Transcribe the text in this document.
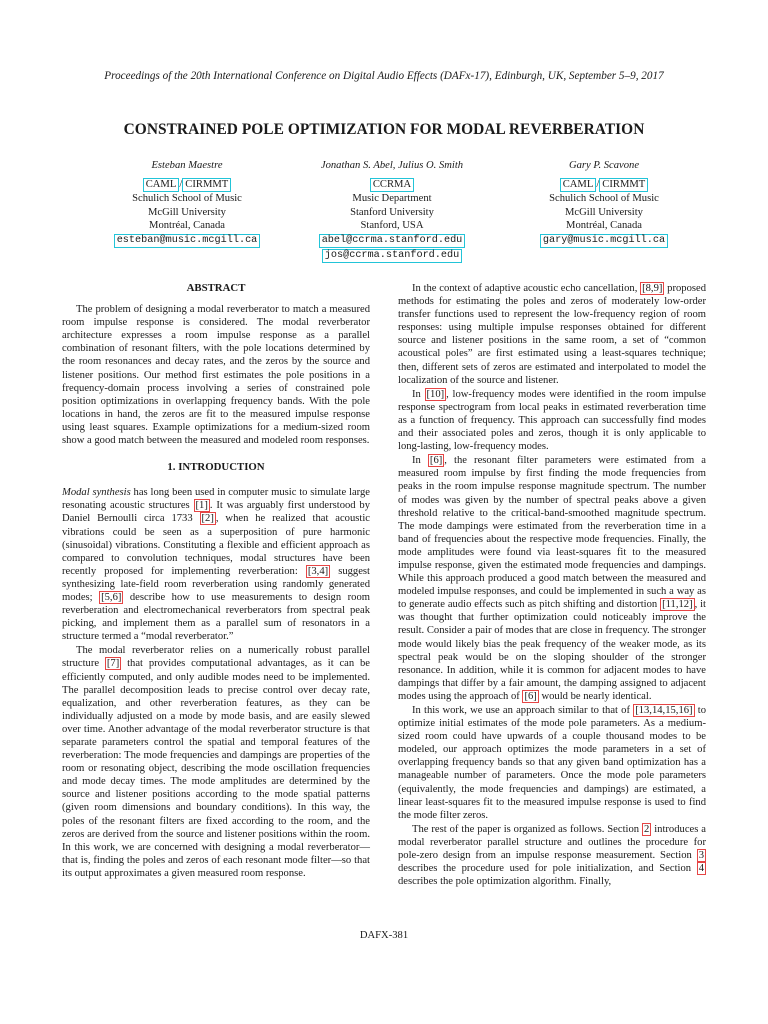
Proceedings of the 20th International Conference on Digital Audio Effects (DAFx-17), Edinburgh, UK, September 5–9, 2017
CONSTRAINED POLE OPTIMIZATION FOR MODAL REVERBERATION
Esteban Maestre
CAML / CIRMMT
Schulich School of Music
McGill University
Montréal, Canada
esteban@music.mcgill.ca
Jonathan S. Abel, Julius O. Smith
CCRMA
Music Department
Stanford University
Stanford, USA
abel@ccrma.stanford.edu
jos@ccrma.stanford.edu
Gary P. Scavone
CAML / CIRMMT
Schulich School of Music
McGill University
Montréal, Canada
gary@music.mcgill.ca
ABSTRACT

The problem of designing a modal reverberator to match a measured room impulse response is considered. The modal reverberator architecture expresses a room impulse response as a parallel combination of resonant filters, with the pole locations determined by the room resonances and decay rates, and the zeros by the source and listener positions. Our method first estimates the pole positions in a frequency-domain process involving a series of constrained pole position optimizations in overlapping frequency bands. With the pole locations in hand, the zeros are fit to the measured impulse response using least squares. Example optimizations for a medium-sized room show a good match between the measured and modeled room responses.

1. INTRODUCTION

Modal synthesis has long been used in computer music to simulate large resonating acoustic structures [1] . It was arguably first understood by Daniel Bernoulli circa 1733 [2] , when he realized that acoustic vibrations could be seen as a superposition of pure harmonic (sinusoidal) vibrations. Constituting a flexible and efficient approach as compared to convolution techniques, modal structures have been recently proposed for implementing reverberation: [3,4] suggest synthesizing late-field room reverberation using randomly generated modes; [5,6] describe how to use measurements to design room reverberation and electromechanical reverberators from spectral peak picking, and implement them as a parallel sum of resonators in a structure termed a “modal reverberator.”

The modal reverberator relies on a numerically robust parallel structure [7] that provides computational advantages, as it can be efficiently computed, and only audible modes need to be implemented. The parallel decomposition leads to precise control over decay rate, equalization, and other reverberation features, as they can be individually adjusted on a mode by mode basis, and are easily slewed over time. Another advantage of the modal reverberator structure is that separate parameters control the spatial and temporal features of the reverberation: The mode frequencies and dampings are properties of the room or resonating object, describing the mode oscillation frequencies and mode decay times. The mode amplitudes are determined by the source and listener positions according to the mode spatial patterns (given room dimensions and boundary conditions). In this way, the poles of the resonant filters are fixed according to the room, and the zeros are derived from the source and listener positions within the room. In this work, we are concerned with designing a modal reverberator—that is, finding the poles and zeros of each resonant mode filter—so that its output approximates a given measured room response.

In the context of adaptive acoustic echo cancellation, [8,9] proposed methods for estimating the poles and zeros of moderately low-order transfer functions used to represent the low-frequency region of room responses: using multiple impulse responses obtained for different source and listener positions in the same room, a set of “common acoustical poles” are first estimated using a least-squares technique; then, different sets of zeros are estimated and interpolated to model the localization of the source and listener.

In [10] , low-frequency modes were identified in the room impulse response spectrogram from local peaks in estimated reverberation time as a function of frequency. This approach can successfully find modes and their associated poles and zeros, though it is only applicable to long-lasting, low-frequency modes.

In [6] , the resonant filter parameters were estimated from a measured room impulse by first finding the mode frequencies from peaks in the room impulse response magnitude spectrum. The number of modes was given by the number of spectral peaks above a given threshold relative to the critical-band-smoothed magnitude spectrum. The mode dampings were estimated from the reverberation time in a band of frequencies about the respective mode frequencies. Finally, the mode amplitudes were found via least-squares fit to the measured impulse response, given the estimated mode frequencies and dampings. While this approach produced a good match between the measured and modeled impulse responses, and could be implemented in such a way as to generate audio effects such as pitch shifting and distortion [11,12] , it was thought that further optimization could noticeably improve the result. Consider a pair of modes that are close in frequency. The stronger mode would likely bias the peak frequency of the weaker mode, as its spectral peak would be on the sloping shoulder of the stronger resonance. In addition, while it is common for adjacent modes to have dampings that differ by a fair amount, the damping assigned to adjacent modes using the approach of [6] would be nearly identical.

In this work, we use an approach similar to that of [13,14,15,16] to optimize initial estimates of the mode pole parameters. As a medium-sized room could have upwards of a couple thousand modes to be modeled, our approach optimizes the mode parameters in a set of overlapping frequency bands so that any given band optimization has a manageable number of parameters. Once the mode pole parameters (equivalently, the mode frequencies and dampings) are estimated, a linear least-squares fit to the measured impulse response is used to find the mode filter zeros.

The rest of the paper is organized as follows. Section 2 introduces a modal reverberator parallel structure and outlines the procedure for pole-zero design from an impulse response measurement. Section 3 describes the procedure used for pole initialization, and Section 4 describes the pole optimization algorithm. Finally,

DAFX-381
